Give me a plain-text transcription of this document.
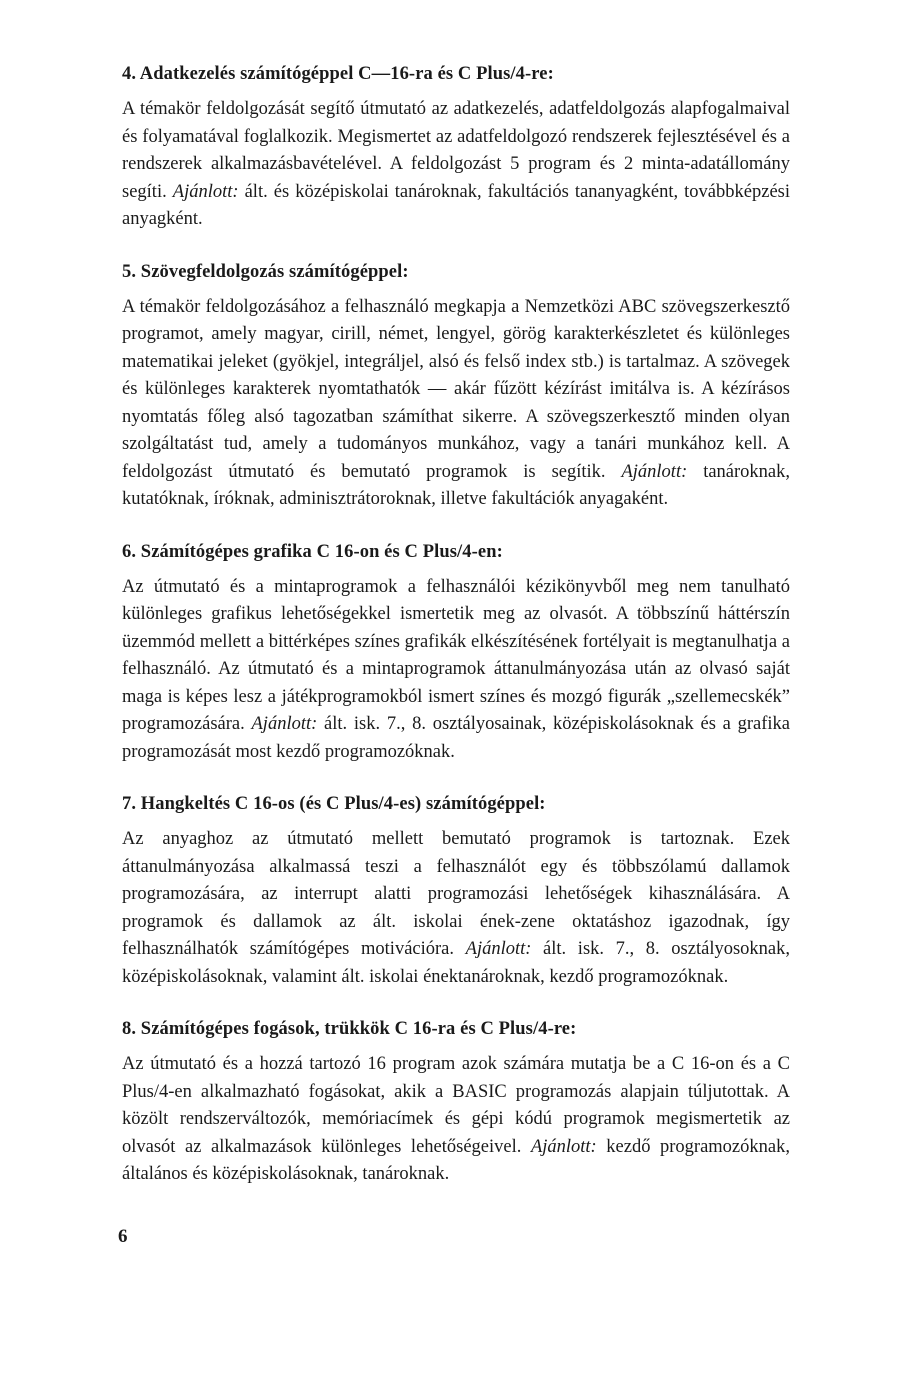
4. Adatkezelés számítógéppel C—16-ra és C Plus/4-re:

A témakör feldolgozását segítő útmutató az adatkezelés, adatfeldolgozás alapfogalmaival és folyamatával foglalkozik. Megismertet az adatfeldolgozó rendszerek fejlesztésével és a rendszerek alkalmazásbavételével. A feldolgozást 5 program és 2 minta-adatállomány segíti. Ajánlott: ált. és középiskolai tanároknak, fakultációs tananyagként, továbbképzési anyagként.

5. Szövegfeldolgozás számítógéppel:

A témakör feldolgozásához a felhasználó megkapja a Nemzetközi ABC szövegszerkesztő programot, amely magyar, cirill, német, lengyel, görög karakterkészletet és különleges matematikai jeleket (gyökjel, integráljel, alsó és felső index stb.) is tartalmaz. A szövegek és különleges karakterek nyomtathatók — akár fűzött kézírást imitálva is. A kézírásos nyomtatás főleg alsó tagozatban számíthat sikerre. A szövegszerkesztő minden olyan szolgáltatást tud, amely a tudományos munkához, vagy a tanári munkához kell. A feldolgozást útmutató és bemutató programok is segítik. Ajánlott: tanároknak, kutatóknak, íróknak, adminisztrátoroknak, illetve fakultációk anyagaként.

6. Számítógépes grafika C 16-on és C Plus/4-en:

Az útmutató és a mintaprogramok a felhasználói kézikönyvből meg nem tanulható különleges grafikus lehetőségekkel ismertetik meg az olvasót. A többszínű háttérszín üzemmód mellett a bittérképes színes grafikák elkészítésének fortélyait is megtanulhatja a felhasználó. Az útmutató és a mintaprogramok áttanulmányozása után az olvasó saját maga is képes lesz a játékprogramokból ismert színes és mozgó figurák „szellemecskék” programozására. Ajánlott: ált. isk. 7., 8. osztályosainak, középiskolásoknak és a grafika programozását most kezdő programozóknak.

7. Hangkeltés C 16-os (és C Plus/4-es) számítógéppel:

Az anyaghoz az útmutató mellett bemutató programok is tartoznak. Ezek áttanulmányozása alkalmassá teszi a felhasználót egy és többszólamú dallamok programozására, az interrupt alatti programozási lehetőségek kihasználására. A programok és dallamok az ált. iskolai ének-zene oktatáshoz igazodnak, így felhasználhatók számítógépes motivációra. Ajánlott: ált. isk. 7., 8. osztályosoknak, középiskolásoknak, valamint ált. iskolai énektanároknak, kezdő programozóknak.

8. Számítógépes fogások, trükkök C 16-ra és C Plus/4-re:

Az útmutató és a hozzá tartozó 16 program azok számára mutatja be a C 16-on és a C Plus/4-en alkalmazható fogásokat, akik a BASIC programozás alapjain túljutottak. A közölt rendszerváltozók, memóriacímek és gépi kódú programok megismertetik az olvasót az alkalmazások különleges lehetőségeivel. Ajánlott: kezdő programozóknak, általános és középiskolásoknak, tanároknak.

6
